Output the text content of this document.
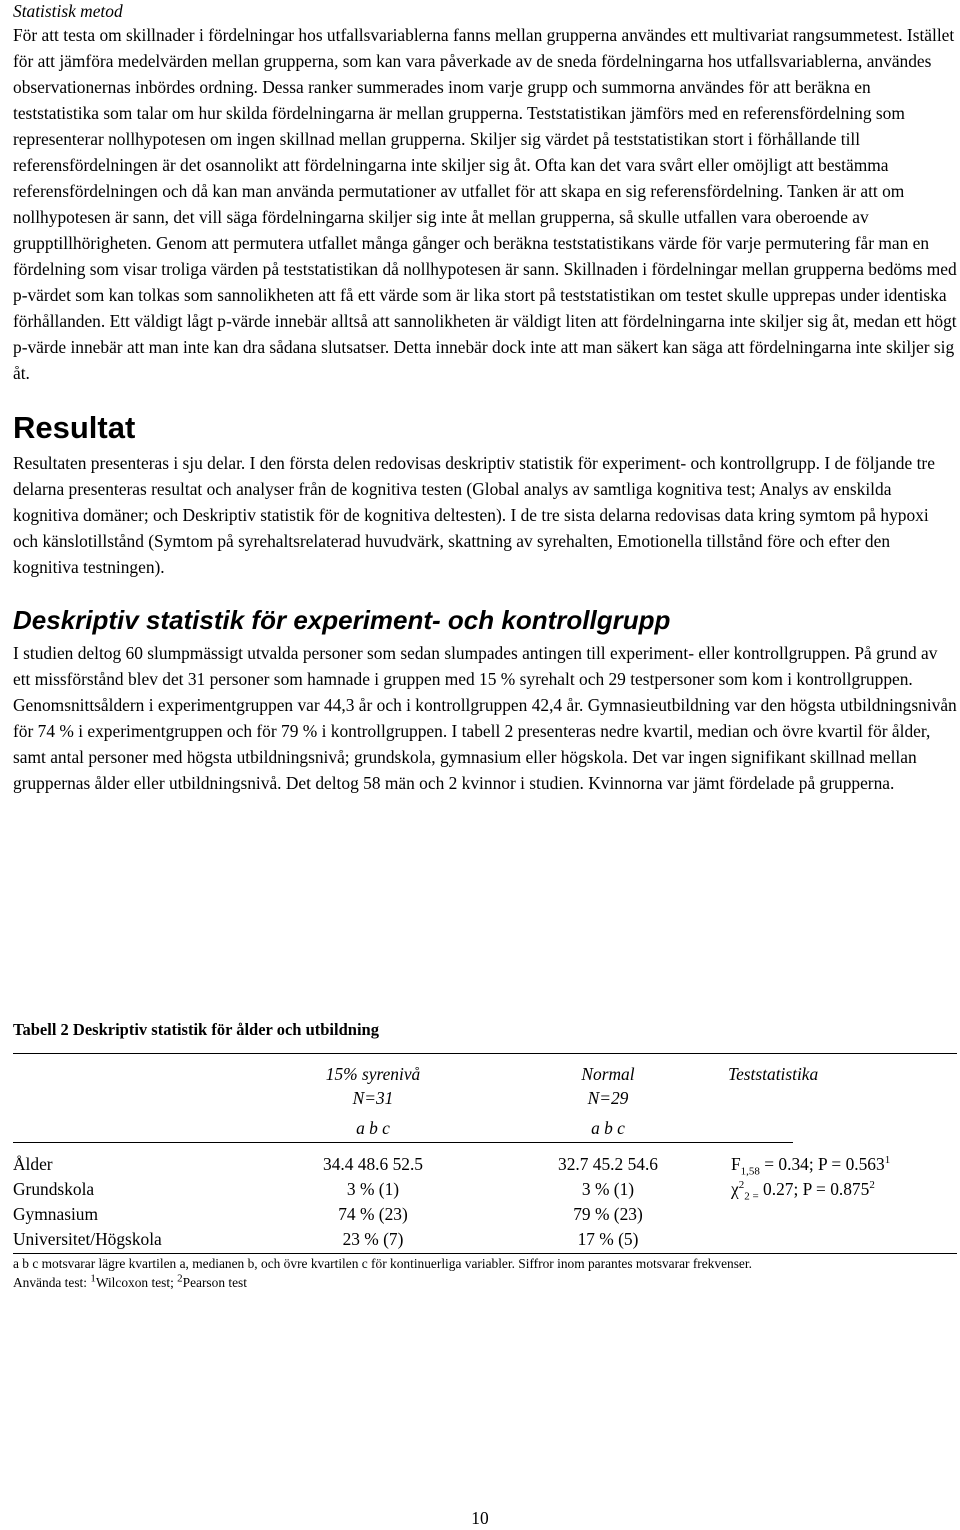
Statistisk metod

För att testa om skillnader i fördelningar hos utfallsvariablerna fanns mellan grupperna användes ett multivariat rangsummetest. Istället för att jämföra medelvärden mellan grupperna, som kan vara påverkade av de sneda fördelningarna hos utfallsvariablerna, användes observationernas inbördes ordning. Dessa ranker summerades inom varje grupp och summorna användes för att beräkna en teststatistika som talar om hur skilda fördelningarna är mellan grupperna. Teststatistikan jämförs med en referensfördelning som representerar nollhypotesen om ingen skillnad mellan grupperna. Skiljer sig värdet på teststatistikan stort i förhållande till referensfördelningen är det osannolikt att fördelningarna inte skiljer sig åt. Ofta kan det vara svårt eller omöjligt att bestämma referensfördelningen och då kan man använda permutationer av utfallet för att skapa en sig referensfördelning. Tanken är att om nollhypotesen är sann, det vill säga fördelningarna skiljer sig inte åt mellan grupperna, så skulle utfallen vara oberoende av grupptillhörigheten. Genom att permutera utfallet många gånger och beräkna teststatistikans värde för varje permutering får man en fördelning som visar troliga värden på teststatistikan då nollhypotesen är sann. Skillnaden i fördelningar mellan grupperna bedöms med p-värdet som kan tolkas som sannolikheten att få ett värde som är lika stort på teststatistikan om testet skulle upprepas under identiska förhållanden. Ett väldigt lågt p-värde innebär alltså att sannolikheten är väldigt liten att fördelningarna inte skiljer sig åt, medan ett högt p-värde innebär att man inte kan dra sådana slutsatser. Detta innebär dock inte att man säkert kan säga att fördelningarna inte skiljer sig åt.

Resultat

Resultaten presenteras i sju delar. I den första delen redovisas deskriptiv statistik för experiment- och kontrollgrupp. I de följande tre delarna presenteras resultat och analyser från de kognitiva testen (Global analys av samtliga kognitiva test; Analys av enskilda kognitiva domäner; och Deskriptiv statistik för de kognitiva deltesten). I de tre sista delarna redovisas data kring symtom på hypoxi och känslotillstånd (Symtom på syrehaltsrelaterad huvudvärk, skattning av syrehalten, Emotionella tillstånd före och efter den kognitiva testningen).

Deskriptiv statistik för experiment- och kontrollgrupp

I studien deltog 60 slumpmässigt utvalda personer som sedan slumpades antingen till experiment- eller kontrollgruppen. På grund av ett missförstånd blev det 31 personer som hamnade i gruppen med 15 % syrehalt och 29 testpersoner som kom i kontrollgruppen. Genomsnittsåldern i experimentgruppen var 44,3 år och i kontrollgruppen 42,4 år. Gymnasieutbildning var den högsta utbildningsnivån för 74 % i experimentgruppen och för 79 % i kontrollgruppen. I tabell 2 presenteras nedre kvartil, median och övre kvartil för ålder, samt antal personer med högsta utbildningsnivå; grundskola, gymnasium eller högskola. Det var ingen signifikant skillnad mellan gruppernas ålder eller utbildningsnivå. Det deltog 58 män och 2 kvinnor i studien. Kvinnorna var jämt fördelade på grupperna.

Tabell 2 Deskriptiv statistik för ålder och utbildning
15% syrenivå
N=31
a b c
Normal
N=29
a b c
Teststatistika
Ålder	34.4 48.6 52.5	32.7 45.2 54.6	$F_{1,58} = 0.34$; $P = 0.563^1$
Grundskola	3 % (1)	3 % (1)	$\chi^2_{2 =}$ 0.27; $P = 0.875^2$
Gymnasium	74 % (23)	79 % (23)
Universitet/Högskola	23 % (7)	17 % (5)
a b c motsvarar lägre kvartilen a, medianen b, och övre kvartilen c för kontinuerliga variabler. Siffror inom parantes motsvarar frekvenser.
Använda test: $^1$Wilcoxon test; $^2$Pearson test
10
